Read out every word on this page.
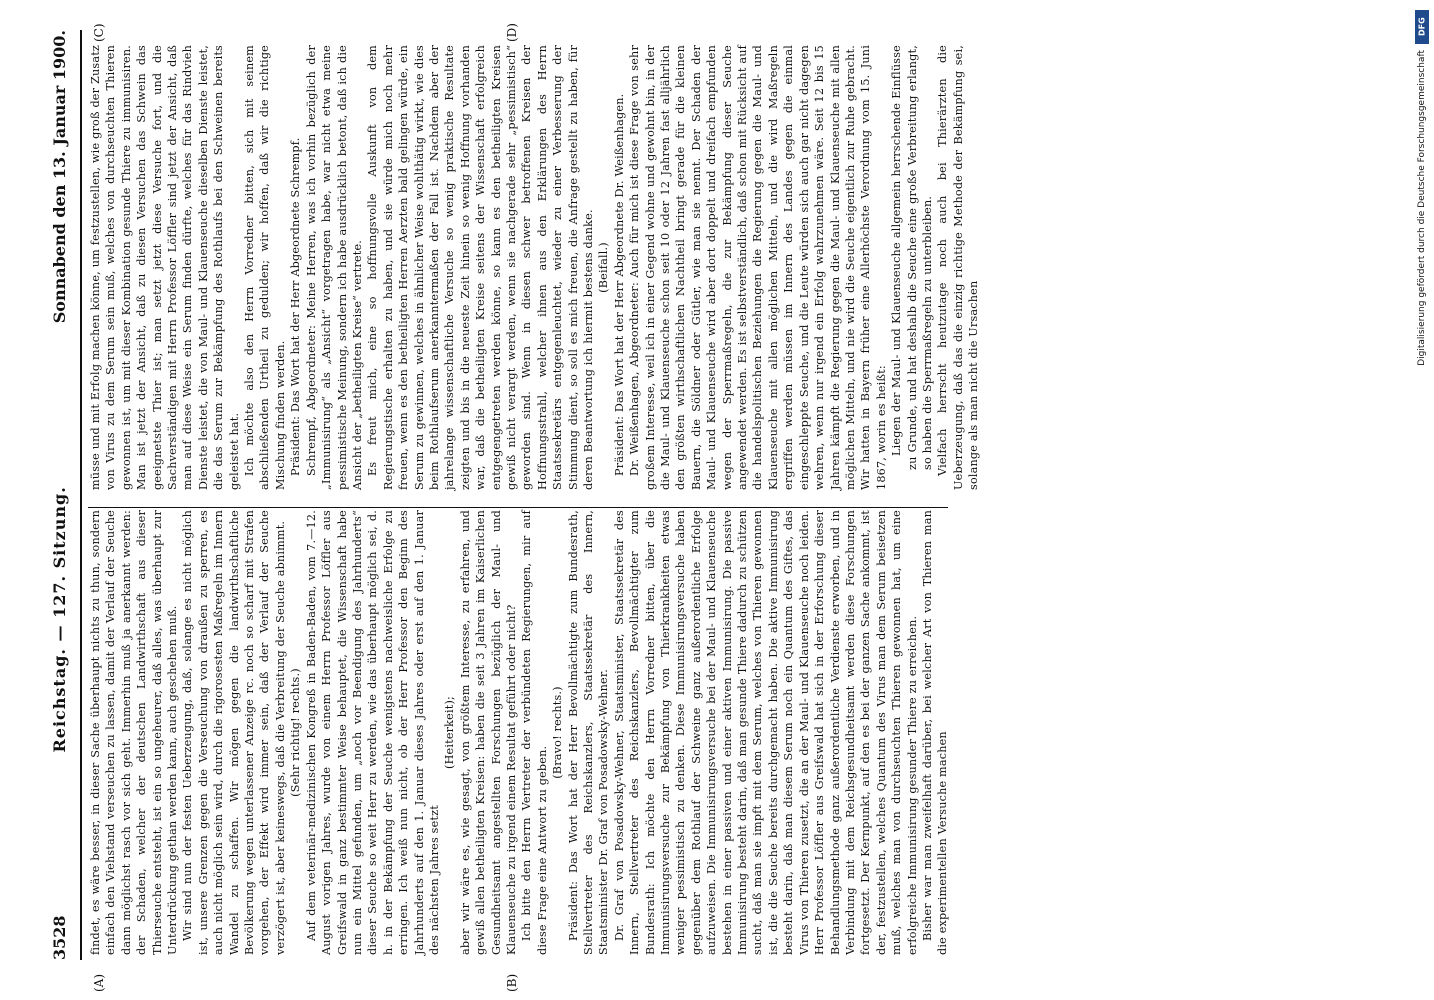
3528
Reichstag. — 127. Sitzung.
Sonnabend den 13. Januar 1900.
(A)	(B)
(C)	(D)

findet, es wäre besser, in dieser Sache überhaupt nichts zu thun, sondern einfach den Viehstand verseuchen zu lassen, damit der Verlauf der Seuche dann möglichst rasch vor sich geht. Immerhin muß ja anerkannt werden: der Schaden, welcher der deutschen Landwirthschaft aus dieser Thierseuche entsteht, ist ein so ungeheurer, daß alles, was überhaupt zur Unterdrückung gethan werden kann, auch geschehen muß. Wir sind nun der festen Ueberzeugung, daß, solange es nicht möglich ist, unsere Grenzen gegen die Verseuchung von draußen zu sperren, es auch nicht möglich sein wird, durch die rigorosesten Maßregeln im Innern Wandel zu schaffen. Wir mögen gegen die landwirthschaftliche Bevölkerung wegen unterlassener Anzeige rc. noch so scharf mit Strafen vorgehen, der Effekt wird immer sein, daß der Verlauf der Seuche verzögert ist, aber keineswegs, daß die Verbreitung der Seuche abnimmt. (Sehr richtig! rechts.) Auf dem veterinär-medizinischen Kongreß in Baden-Baden, vom 7.—12. August vorigen Jahres, wurde von einem Herrn Professor Löffler aus Greifswald in ganz bestimmter Weise behauptet, die Wissenschaft habe nun ein Mittel gefunden, um „noch vor Beendigung des Jahrhunderts“ dieser Seuche so weit Herr zu werden, wie das überhaupt möglich sei, d. h. in der Bekämpfung der Seuche wenigstens nachweisliche Erfolge zu erringen. Ich weiß nun nicht, ob der Herr Professor den Beginn des Jahrhunderts auf den 1. Januar dieses Jahres oder erst auf den 1. Januar des nächsten Jahres setzt

(Heiterkeit); aber wir wäre es, wie gesagt, von größtem Interesse, zu erfahren, und gewiß allen betheiligten Kreisen: haben die seit 3 Jahren im Kaiserlichen Gesundheitsamt angestellten Forschungen bezüglich der Maul- und Klauenseuche zu irgend einem Resultat geführt oder nicht? Ich bitte den Herrn Vertreter der verbündeten Regierungen, mir auf diese Frage eine Antwort zu geben.

(Bravo! rechts.) Präsident: Das Wort hat der Herr Bevollmächtigte zum Bundesrath, Stellvertreter des Reichskanzlers, Staatssekretär des Innern, Staatsminister Dr. Graf von Posadowsky-Wehner. Dr. Graf von Posadowsky-Wehner, Staatsminister, Staatssekretär des Innern, Stellvertreter des Reichskanzlers, Bevollmächtigter zum Bundesrath: Ich möchte den Herrn Vorredner bitten, über die Immunisirungsversuche zur Bekämpfung von Thierkrankheiten etwas weniger pessimistisch zu denken. Diese Immunisirungsversuche haben gegenüber dem Rothlauf der Schweine ganz außerordentliche Erfolge aufzuweisen. Die Immunisirungsversuche bei der Maul- und Klauenseuche bestehen in einer passiven und einer aktiven Immunisirung. Die passive Immunisirung besteht darin, daß man gesunde Thiere dadurch zu schützen sucht, daß man sie impft mit dem Serum, welches von Thieren gewonnen ist, die die Seuche bereits durchgemacht haben. Die aktive Immunisirung besteht darin, daß man diesem Serum noch ein Quantum des Giftes, das Virus von Thieren zusetzt, die an der Maul- und Klauenseuche noch leiden. Herr Professor Löffler aus Greifswald hat sich in der Erforschung dieser Behandlungsmethode ganz außerordentliche Verdienste erworben, und in Verbindung mit dem Reichsgesundheitsamt werden diese Forschungen fortgesetzt. Der Kernpunkt, auf den es bei der ganzen Sache ankommt, ist der, festzustellen, welches Quantum des Virus man dem Serum beisetzen muß, welches man von durchseuchten Thieren gewonnen hat, um eine erfolgreiche Immunisirung gesunder Thiere zu erreichen. Bisher war man zweifelhaft darüber, bei welcher Art von Thieren man die experimentellen Versuche machen

müsse und mit Erfolg machen könne, um festzustellen, wie groß der Zusatz von Virus zu dem Serum sein muß, welches von durchseuchten Thieren gewonnen ist, um mit dieser Kombination gesunde Thiere zu immunisiren. Man ist jetzt der Ansicht, daß zu diesen Versuchen das Schwein das geeignetste Thier ist; man setzt jetzt diese Versuche fort, und die Sachverständigen mit Herrn Professor Löffler sind jetzt der Ansicht, daß man auf diese Weise ein Serum finden dürfte, welches für das Rindvieh Dienste leistet, die von Maul- und Klauenseuche dieselben Dienste leistet, die das Serum zur Bekämpfung des Rothlaufs bei den Schweinen bereits geleistet hat. Ich möchte also den Herrn Vorredner bitten, sich mit seinem abschließenden Urtheil zu gedulden; wir hoffen, daß wir die richtige Mischung finden werden. Präsident: Das Wort hat der Herr Abgeordnete Schrempf. Schrempf, Abgeordneter: Meine Herren, was ich vorhin bezüglich der „Immunisirung“ als „Ansicht“ vorgetragen habe, war nicht etwa meine pessimistische Meinung, sondern ich habe ausdrücklich betont, daß ich die Ansicht der „betheiligten Kreise“ vertrete. Es freut mich, eine so hoffnungsvolle Auskunft von dem Regierungstische erhalten zu haben, und sie würde mich noch mehr freuen, wenn es den betheiligten Herren Aerzten bald gelingen würde, ein Serum zu gewinnen, welches in ähnlicher Weise wohlthätig wirkt, wie dies beim Rothlaufserum anerkanntermaßen der Fall ist. Nachdem aber der jahrelange wissenschaftliche Versuche so wenig praktische Resultate zeigten und bis in die neueste Zeit hinein so wenig Hoffnung vorhanden war, daß die betheiligten Kreise seitens der Wissenschaft erfolgreich entgegengetreten werden könne, so kann es den betheiligten Kreisen gewiß nicht verargt werden, wenn sie nachgerade sehr „pessimistisch“ geworden sind. Wenn in diesen schwer betroffenen Kreisen der Hoffnungsstrahl, welcher ihnen aus den Erklärungen des Herrn Staatssekretärs entgegenleuchtet, wieder zu einer Verbesserung der Stimmung dient, so soll es mich freuen, die Anfrage gestellt zu haben, für deren Beantwortung ich hiermit bestens danke. (Beifall.) Präsident: Das Wort hat der Herr Abgeordnete Dr. Weißenhagen. Dr. Weißenhagen, Abgeordneter: Auch für mich ist diese Frage von sehr großem Interesse, weil ich in einer Gegend wohne und gewohnt bin, in der die Maul- und Klauenseuche schon seit 10 oder 12 Jahren fast alljährlich den größten wirthschaftlichen Nachtheil bringt gerade für die kleinen Bauern, die Söldner oder Gütler, wie man sie nennt. Der Schaden der Maul- und Klauenseuche wird aber dort doppelt und dreifach empfunden wegen der Sperrmaßregeln, die zur Bekämpfung dieser Seuche angewendet werden. Es ist selbstverständlich, daß schon mit Rücksicht auf die handelspolitischen Beziehungen die Regierung gegen die Maul- und Klauenseuche mit allen möglichen Mitteln, und die wird Maßregeln ergriffen werden müssen im Innern des Landes gegen die einmal eingeschleppte Seuche, und die Leute würden sich auch gar nicht dagegen wehren, wenn nur irgend ein Erfolg wahrzunehmen wäre. Seit 12 bis 15 Jahren kämpft die Regierung gegen die Maul- und Klauenseuche mit allen möglichen Mitteln, und nie wird die Seuche eigentlich zur Ruhe gebracht. Wir hatten in Bayern früher eine Allerhöchste Verordnung vom 15. Juni 1867, worin es heißt: Liegen der Maul- und Klauenseuche allgemein herrschende Einflüsse zu Grunde, und hat deshalb die Seuche eine große Verbreitung erlangt, so haben die Sperrmaßregeln zu unterbleiben. Vielfach herrscht heutzutage noch auch bei Thierärzten die Ueberzeugung, daß das die einzig richtige Methode der Bekämpfung sei, solange als man nicht die Ursachen

DFG
Digitalisierung gefördert durch die Deutsche Forschungsgemeinschaft
